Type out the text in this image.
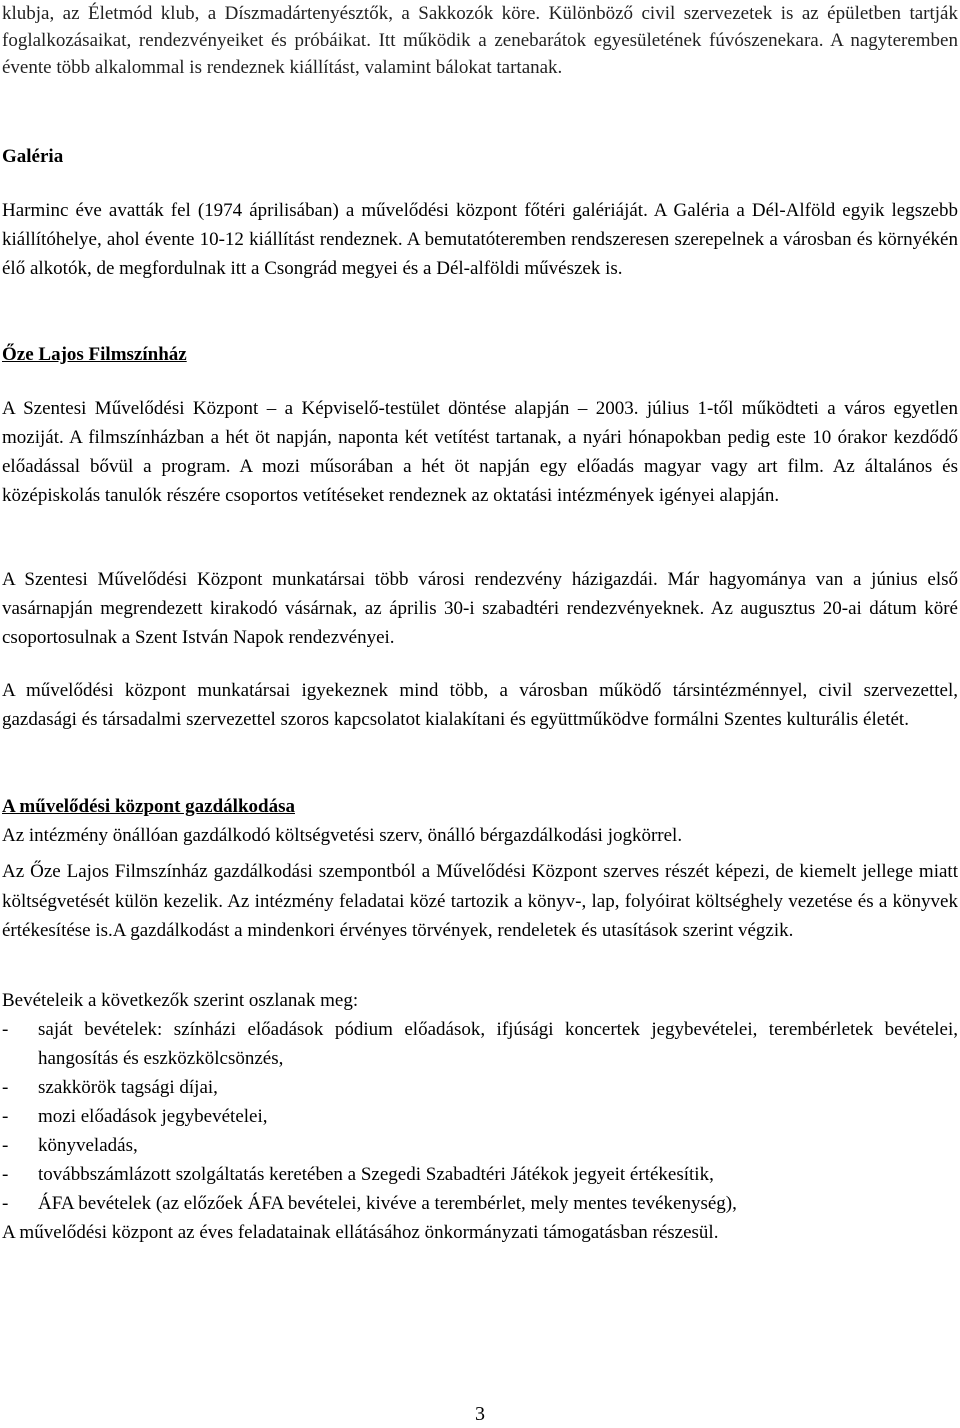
klubja, az Életmód klub, a Díszmadártenyésztők, a Sakkozók köre. Különböző civil szervezetek is az épületben tartják foglalkozásaikat, rendezvényeiket és próbáikat. Itt működik a zenebarátok egyesületének fúvószenekara. A nagyteremben évente több alkalommal is rendeznek kiállítást, valamint bálokat tartanak.

Galéria

Harminc éve avatták fel (1974 áprilisában) a művelődési központ főtéri galériáját. A Galéria a Dél-Alföld egyik legszebb kiállítóhelye, ahol évente 10-12 kiállítást rendeznek. A bemutatóteremben rendszeresen szerepelnek a városban és környékén élő alkotók, de megfordulnak itt a Csongrád megyei és a Dél-alföldi művészek is.

Őze Lajos Filmszínház

A Szentesi Művelődési Központ – a Képviselő-testület döntése alapján – 2003. július 1-től működteti a város egyetlen moziját. A filmszínházban a hét öt napján, naponta két vetítést tartanak, a nyári hónapokban pedig este 10 órakor kezdődő előadással bővül a program. A mozi műsorában a hét öt napján egy előadás magyar vagy art film. Az általános és középiskolás tanulók részére csoportos vetítéseket rendeznek az oktatási intézmények igényei alapján.

A Szentesi Művelődési Központ munkatársai több városi rendezvény házigazdái. Már hagyománya van a június első vasárnapján megrendezett kirakodó vásárnak, az április 30-i szabadtéri rendezvényeknek. Az augusztus 20-ai dátum köré csoportosulnak a Szent István Napok rendezvényei.

A művelődési központ munkatársai igyekeznek mind több, a városban működő társintézménnyel, civil szervezettel, gazdasági és társadalmi szervezettel szoros kapcsolatot kialakítani és együttműködve formálni Szentes kulturális életét.

A művelődési központ gazdálkodása

Az intézmény önállóan gazdálkodó költségvetési szerv, önálló bérgazdálkodási jogkörrel.

Az Őze Lajos Filmszínház gazdálkodási szempontból a Művelődési Központ szerves részét képezi, de kiemelt jellege miatt költségvetését külön kezelik. Az intézmény feladatai közé tartozik a könyv-, lap, folyóirat költséghely vezetése és a könyvek értékesítése is.A gazdálkodást a mindenkori érvényes törvények, rendeletek és utasítások szerint végzik.

Bevételeik a következők szerint oszlanak meg:

- saját bevételek: színházi előadások pódium előadások, ifjúsági koncertek jegybevételei, terembérletek bevételei, hangosítás és eszközkölcsönzés,
- szakkörök tagsági díjai,
- mozi előadások jegybevételei,
- könyveladás,
- továbbszámlázott szolgáltatás keretében a Szegedi Szabadtéri Játékok jegyeit értékesítik,
- ÁFA bevételek (az előzőek ÁFA bevételei, kivéve a terembérlet, mely mentes tevékenység),

A művelődési központ az éves feladatainak ellátásához önkormányzati támogatásban részesül.

3
